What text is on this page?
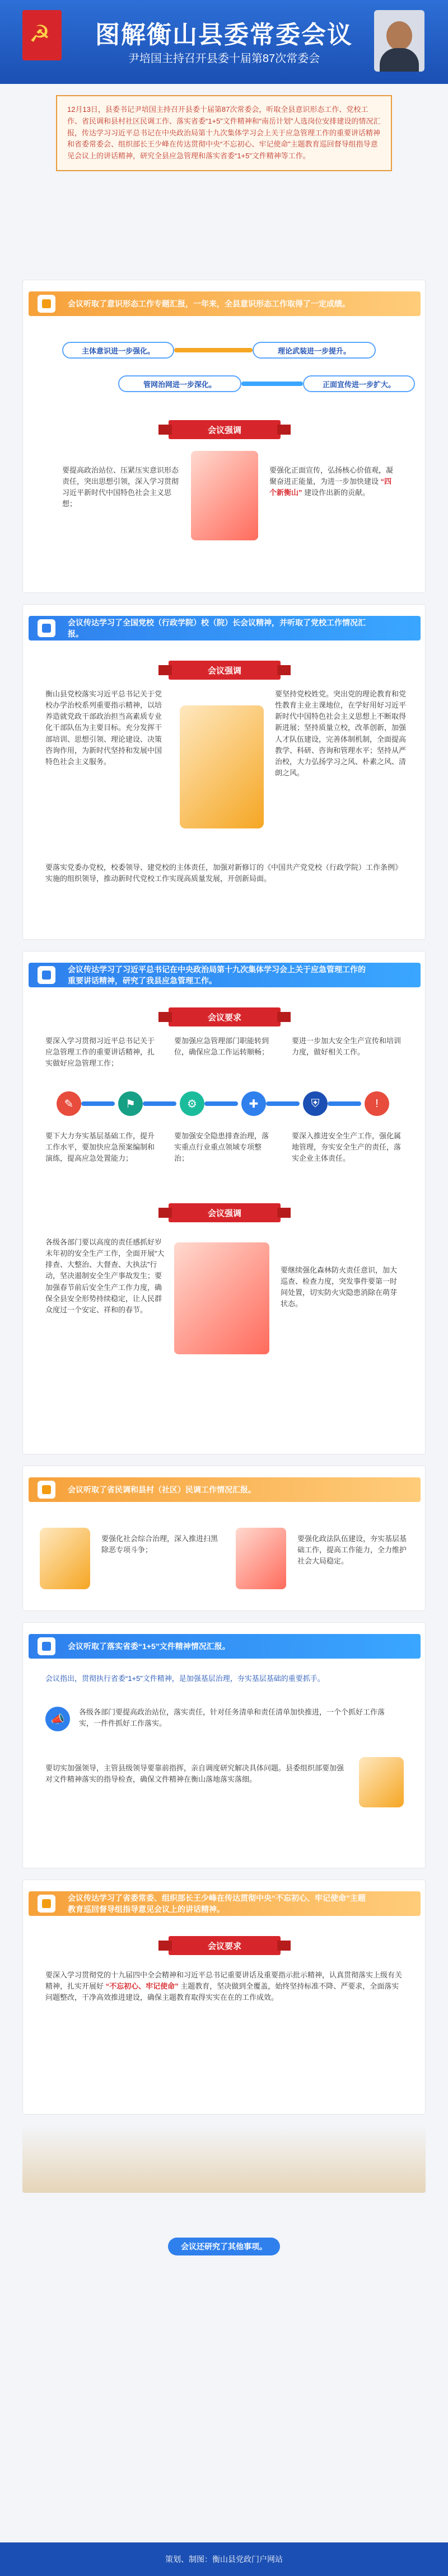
☭
图解衡山县委常委会议
尹培国主持召开县委十届第87次常委会
12月13日，县委书记尹培国主持召开县委十届第87次常委会，听取全县意识形态工作、党校工作、省民调和县村社区民调工作、落实省委“1+5”文件精神和“南岳计划”人选岗位安排建设的情况汇报，传达学习习近平总书记在中央政治局第十九次集体学习会上关于应急管理工作的重要讲话精神和省委常委会、组织部长王少峰在传达贯彻中央“不忘初心、牢记使命”主题教育巡回督导组指导意见会议上的讲话精神，研究全县应急管理和落实省委“1+5”文件精神等工作。
会议听取了意识形态工作专题汇报，一年来，全县意识形态工作取得了一定成绩。
主体意识进一步强化。	理论武装进一步提升。
管网治网进一步深化。	正面宣传进一步扩大。
会议强调
要提高政治站位、压紧压实意识形态责任，突出思想引领，深入学习贯彻习近平新时代中国特色社会主义思想；
要强化正面宣传，弘扬核心价值观，凝聚奋进正能量，为进一步加快建设 “四个新衡山” 建设作出新的贡献。
会议传达学习了全国党校（行政学院）校（院）长会议精神，并听取了党校工作情况汇报。
会议强调
衡山县党校落实习近平总书记关于党校办学治校系列重要指示精神，以培养造就党政干部政治担当高素质专业化干部队伍为主要目标。充分发挥干部培训、思想引领、理论建设、决策咨询作用，为新时代坚持和发展中国特色社会主义服务。
要坚持党校姓党。突出党的理论教育和党性教育主业主课地位，在学好用好习近平新时代中国特色社会主义思想上不断取得新进展；坚持质量立校，改革创新，加强人才队伍建设，完善体制机制，全面提高教学、科研、咨询和管理水平；坚持从严治校，大力弘扬学习之风、朴素之风、清朗之风。
要落实党委办党校，校委领导、建党校的主体责任，加强对新修订的《中国共产党党校（行政学院）工作条例》实施的组织领导，推动新时代党校工作实现高质量发展，开创新局面。
会议传达学习了习近平总书记在中央政治局第十九次集体学习会上关于应急管理工作的重要讲话精神，研究了我县应急管理工作。
会议要求
要深入学习贯彻习近平总书记关于应急管理工作的重要讲话精神，扎实做好应急管理工作；
要加强应急管理部门职能转到位，确保应急工作运转顺畅；
要进一步加大安全生产宣传和培训力度，做好相关工作。
✎	⚑	⚙	✚	⛨	!
要下大力夯实基层基础工作，提升工作水平，要加快应急预案编制和演练，提高应急处置能力；
要加强安全隐患排查治理，落实重点行业重点领域专项整治；
要深入推进安全生产工作，强化属地管理，夯实安全生产的责任，落实企业主体责任。
会议强调
各级各部门要以高度的责任感抓好岁末年初的安全生产工作，全面开展“大排查、大整治、大督查、大执法”行动，坚决遏制安全生产事故发生；要加强春节前后安全生产工作力度，确保全县安全形势持续稳定，让人民群众度过一个安定、祥和的春节。
要继续强化森林防火责任意识，加大巡查、检查力度，突发事件要第一时间处置，切实防火灾隐患消除在萌芽状态。
会议听取了省民调和县村（社区）民调工作情况汇报。
要强化社会综合治理，深入推进扫黑除恶专项斗争；
要强化政法队伍建设，夯实基层基础工作，提高工作能力，全力维护社会大局稳定。
会议听取了落实省委“1+5”文件精神情况汇报。
会议指出，贯彻执行省委“1+5”文件精神，是加强基层治理，夯实基层基础的重要抓手。
📣
各级各部门要提高政治站位，落实责任，针对任务清单和责任清单加快推进，一个个抓好工作落实，一件件抓好工作落实。
要切实加强领导，主管县级领导要靠前指挥，亲自调度研究解决具体问题。县委组织部要加强对文件精神落实的指导检查，确保文件精神在衡山落地落实落细。
会议传达学习了省委常委、组织部长王少峰在传达贯彻中央“不忘初心、牢记使命”主题教育巡回督导组指导意见会议上的讲话精神。
会议要求
要深入学习贯彻党的十九届四中全会精神和习近平总书记重要讲话及重要指示批示精神，认真贯彻落实上级有关精神，扎实开展好 “不忘初心、牢记使命” 主题教育，坚决做到全覆盖，始终坚持标准不降、严要求，全面落实问题整改，干净高效推进建设，确保主题教育取得实实在在的工作成效。
会议还研究了其他事项。
策划、制图：衡山县党政门户网站
